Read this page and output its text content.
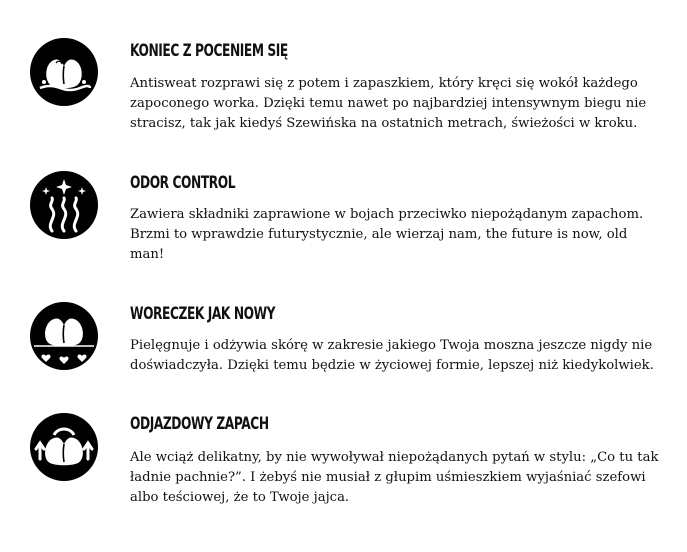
KONIEC Z POCENIEM SIĘ

Antisweat rozprawi się z potem i zapaszkiem, który kręci się wokół każdego zapoconego worka. Dzięki temu nawet po najbardziej intensywnym biegu nie stracisz, tak jak kiedyś Szewińska na ostatnich metrach, świeżości w kroku.

ODOR CONTROL

Zawiera składniki zaprawione w bojach przeciwko niepożądanym zapachom. Brzmi to wprawdzie futurystycznie, ale wierzaj nam, the future is now, old man!

WORECZEK JAK NOWY

Pielęgnuje i odżywia skórę w zakresie jakiego Twoja moszna jeszcze nigdy nie doświadczyła. Dzięki temu będzie w życiowej formie, lepszej niż kiedykolwiek.

ODJAZDOWY ZAPACH

Ale wciąż delikatny, by nie wywoływał niepożądanych pytań w stylu: „Co tu tak ładnie pachnie?”. I żebyś nie musiał z głupim uśmieszkiem wyjaśniać szefowi albo teściowej, że to Twoje jajca.
